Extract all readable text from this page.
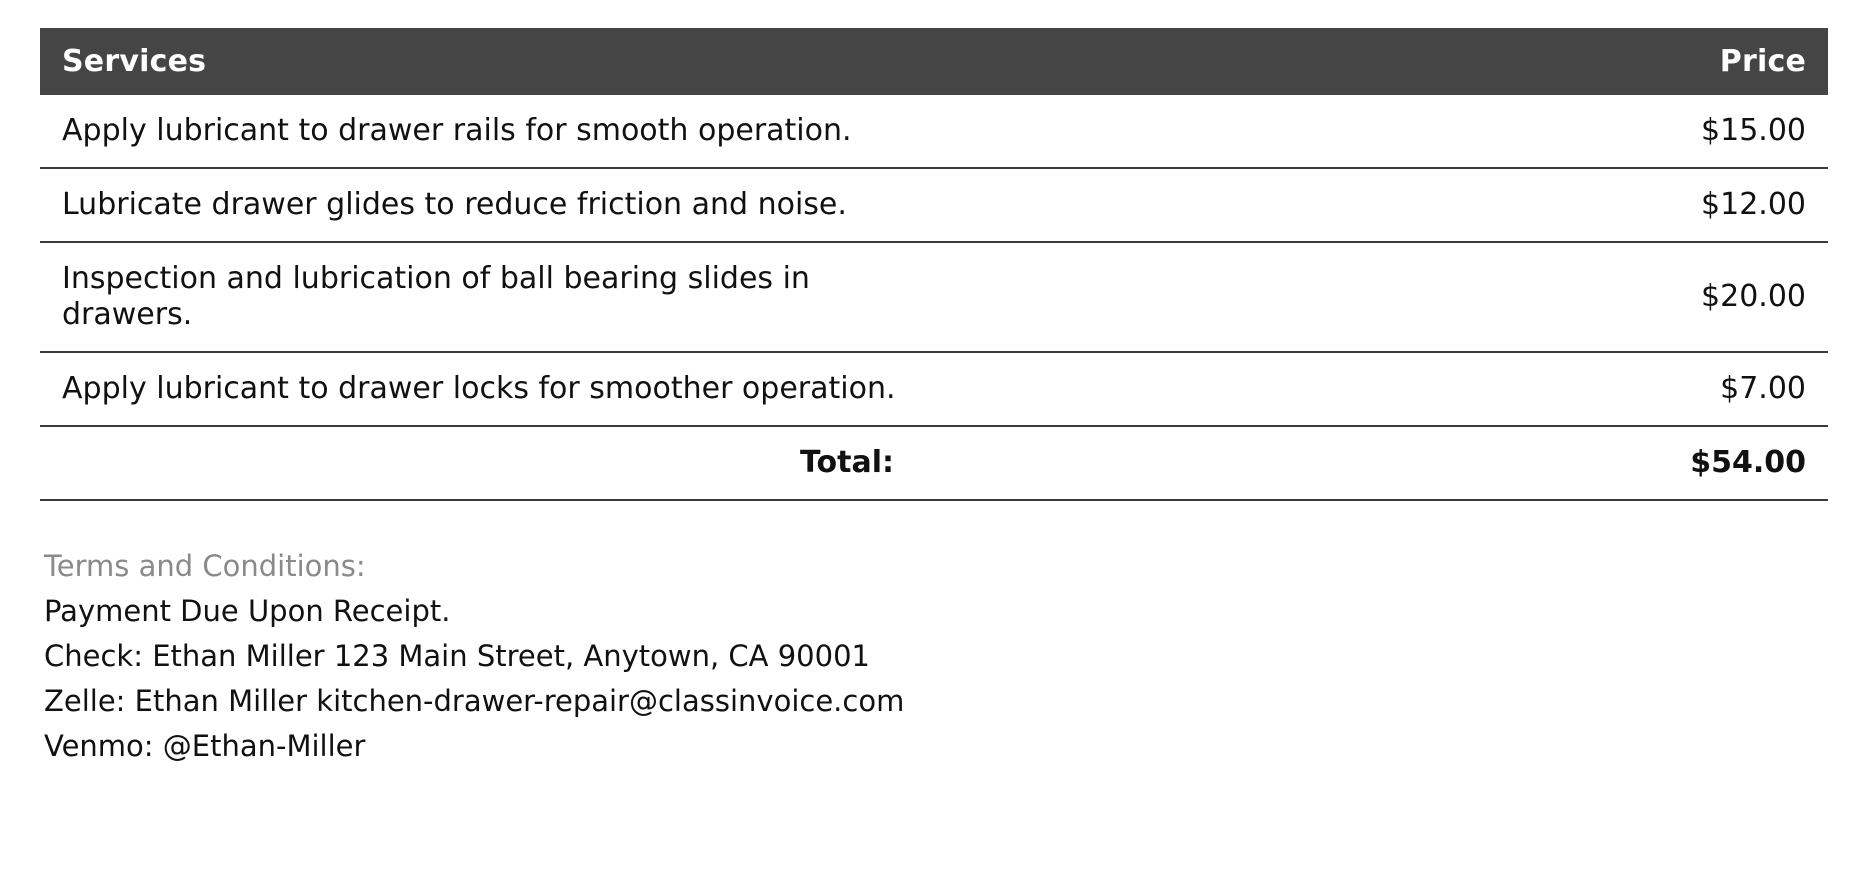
Services	Price
Apply lubricant to drawer rails for smooth operation.	$15.00
Lubricate drawer glides to reduce friction and noise.	$12.00
Inspection and lubrication of ball bearing slides in drawers.	$20.00
Apply lubricant to drawer locks for smoother operation.	$7.00
Total:	$54.00
Terms and Conditions:
Payment Due Upon Receipt.
Check: Ethan Miller 123 Main Street, Anytown, CA 90001
Zelle: Ethan Miller kitchen-drawer-repair@classinvoice.com
Venmo: @Ethan-Miller
